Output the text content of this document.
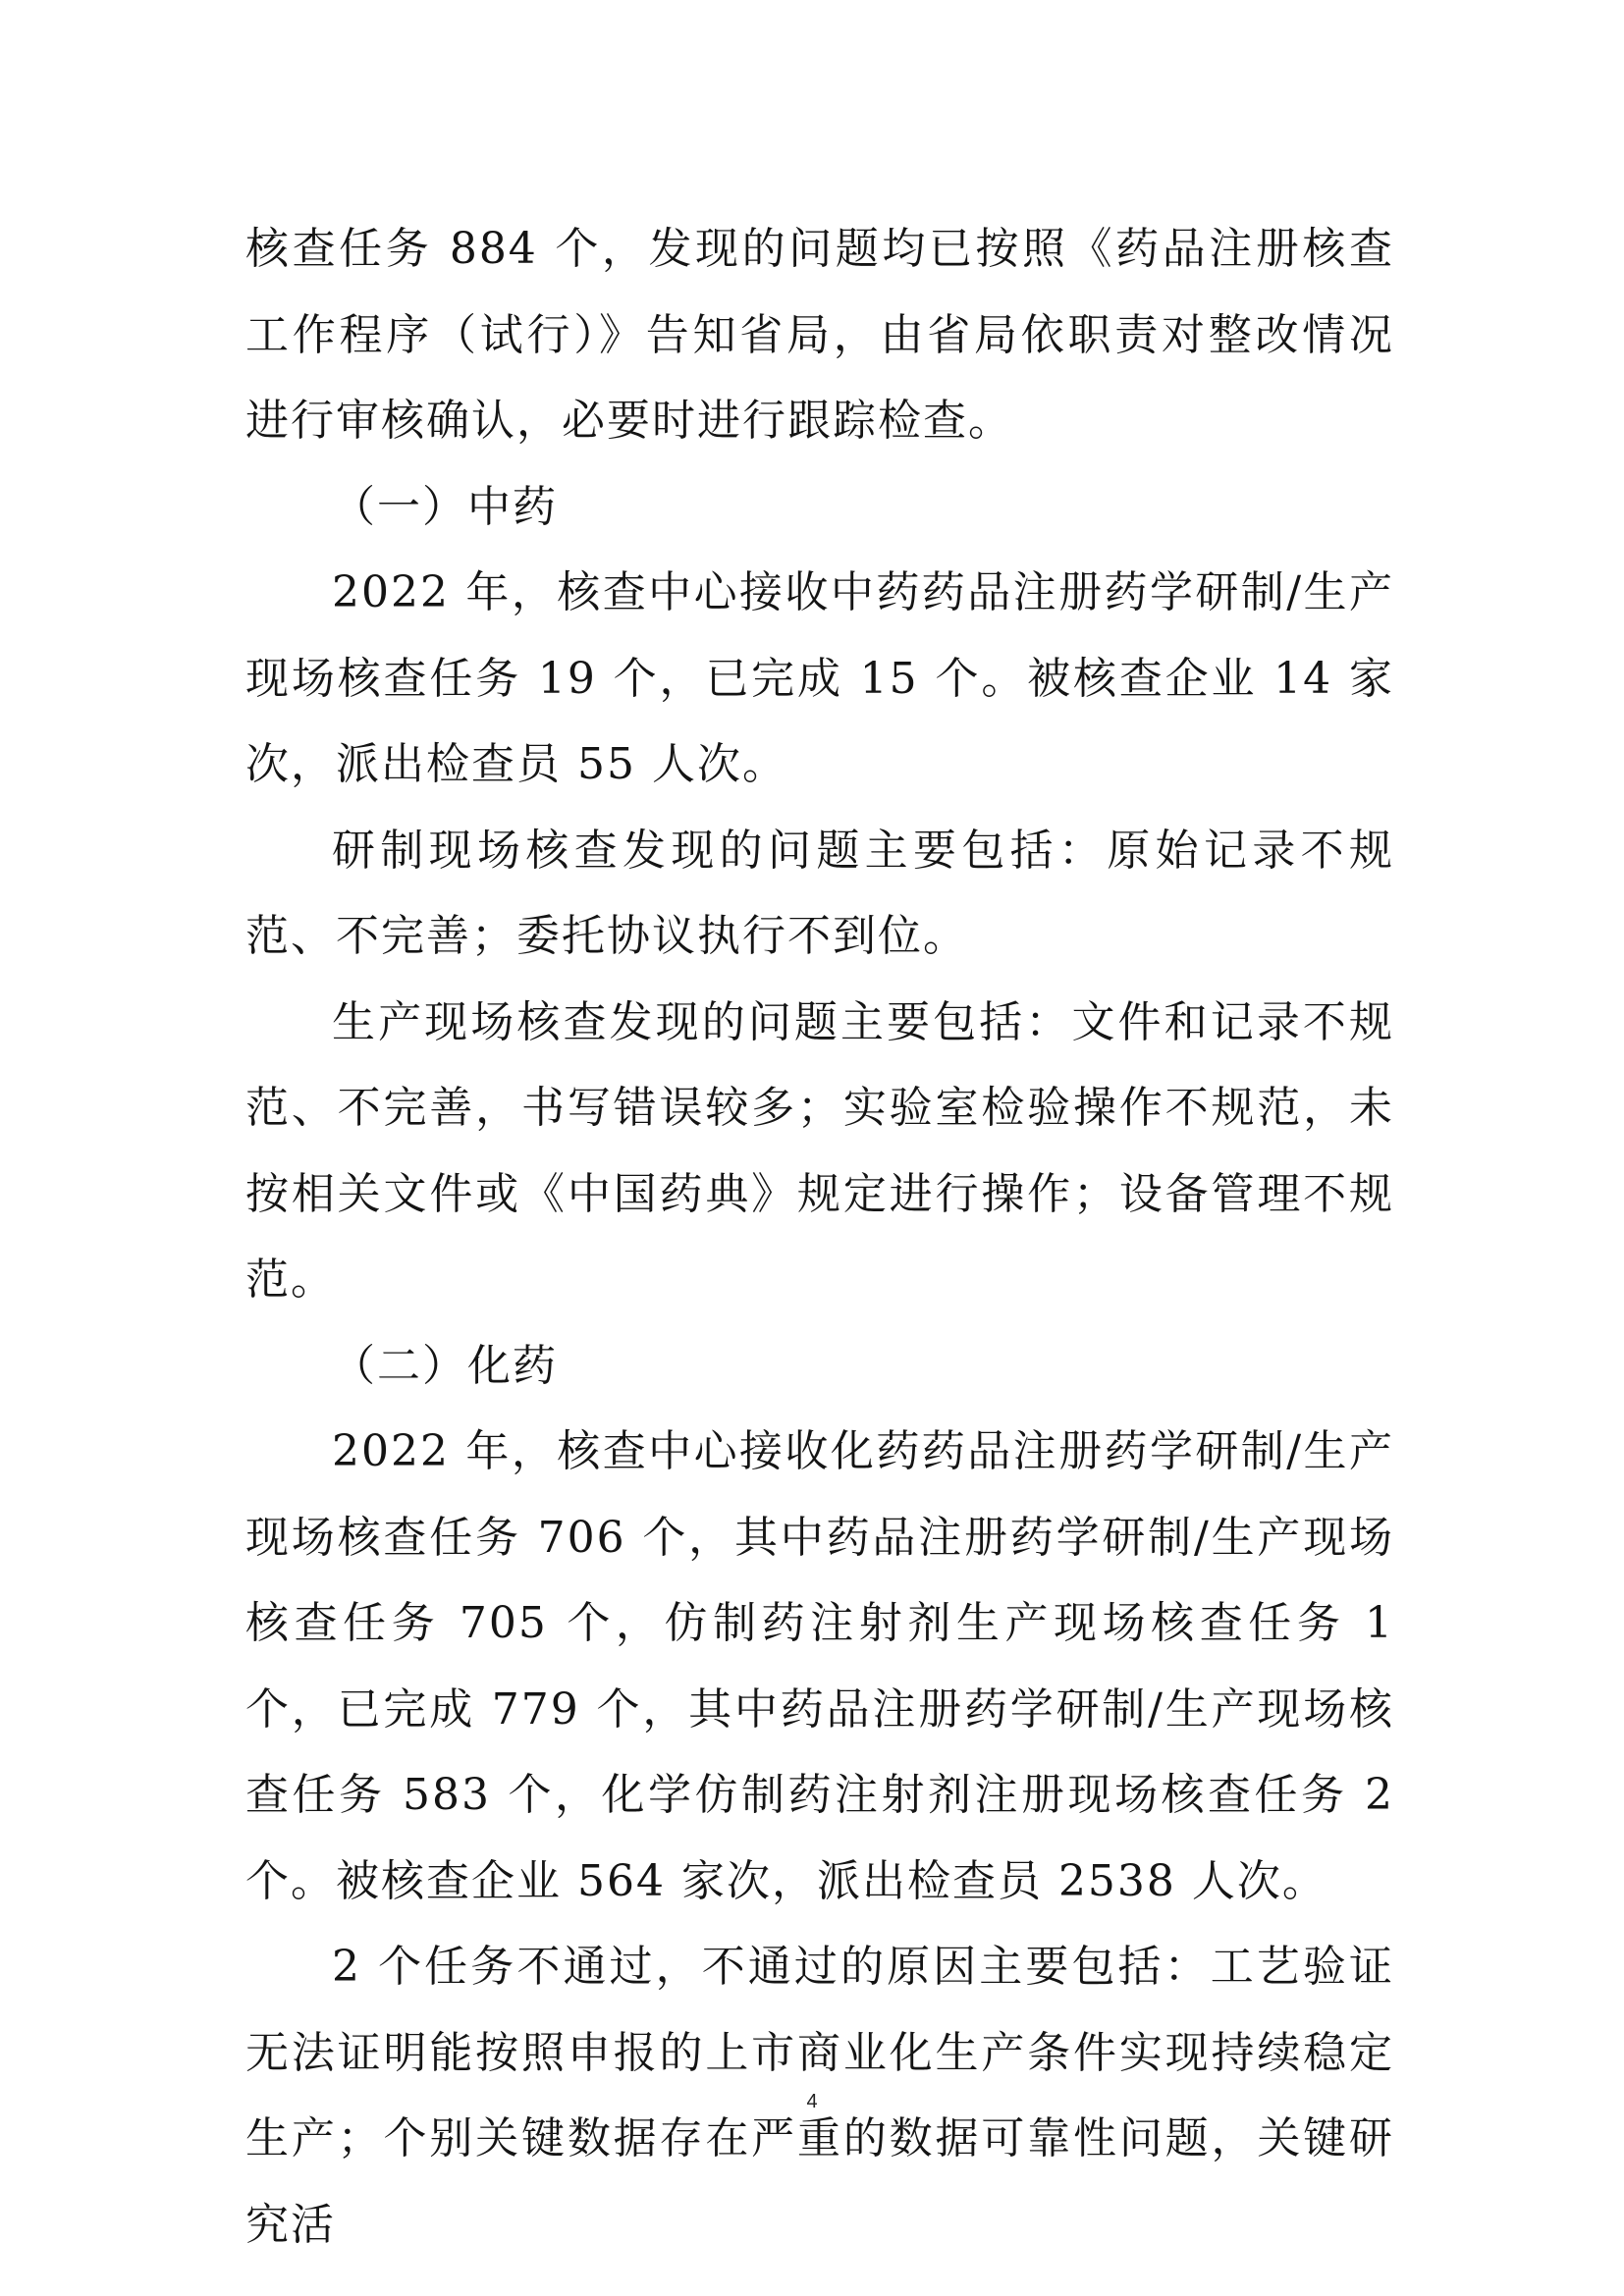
核查任务 884 个，发现的问题均已按照《药品注册核查工作程序（试行）》告知省局，由省局依职责对整改情况进行审核确认，必要时进行跟踪检查。

（一）中药

2022 年，核查中心接收中药药品注册药学研制/生产现场核查任务 19 个，已完成 15 个。被核查企业 14 家次，派出检查员 55 人次。

研制现场核查发现的问题主要包括：原始记录不规范、不完善；委托协议执行不到位。

生产现场核查发现的问题主要包括：文件和记录不规范、不完善，书写错误较多；实验室检验操作不规范，未按相关文件或《中国药典》规定进行操作；设备管理不规范。

（二）化药

2022 年，核查中心接收化药药品注册药学研制/生产现场核查任务 706 个，其中药品注册药学研制/生产现场核查任务 705 个，仿制药注射剂生产现场核查任务 1 个，已完成 779 个，其中药品注册药学研制/生产现场核查任务 583 个，化学仿制药注射剂注册现场核查任务 2 个。被核查企业 564 家次，派出检查员 2538 人次。

2 个任务不通过，不通过的原因主要包括：工艺验证无法证明能按照申报的上市商业化生产条件实现持续稳定生产；个别关键数据存在严重的数据可靠性问题，关键研究活

4
